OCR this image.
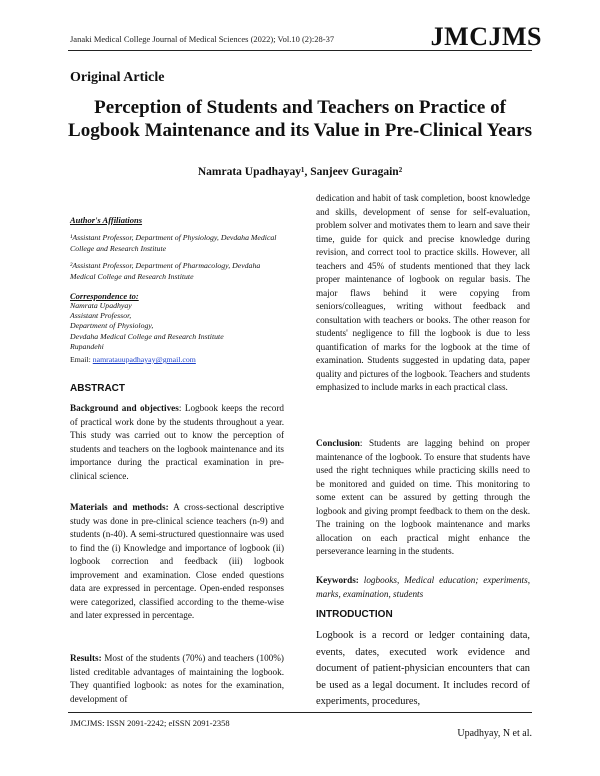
Janaki Medical College Journal of Medical Sciences (2022); Vol.10 (2):28-37	JMCJMS
Original Article
Perception of Students and Teachers on Practice of Logbook Maintenance and its Value in Pre-Clinical Years
Namrata Upadhayay¹, Sanjeev Guragain²
Author's Affiliations
¹Assistant Professor, Department of Physiology, Devdaha Medical College and Research Institute
²Assistant Professor, Department of Pharmacology, Devdaha Medical College and Research Institute
Correspondence to:
Namrata Upadhyay
Assistant Professor,
Department of Physiology,
Devdaha Medical College and Research Institute
Rupandehi
Email: namratauupadhayay@gmail.com
ABSTRACT
Background and objectives: Logbook keeps the record of practical work done by the students throughout a year. This study was carried out to know the perception of students and teachers on the logbook maintenance and its importance during the practical examination in pre-clinical science.
Materials and methods: A cross-sectional descriptive study was done in pre-clinical science teachers (n-9) and students (n-40). A semi-structured questionnaire was used to find the (i) Knowledge and importance of logbook (ii) logbook correction and feedback (iii) logbook improvement and examination. Close ended questions data are expressed in percentage. Open-ended responses were categorized, classified according to the theme-wise and later expressed in percentage.
Results: Most of the students (70%) and teachers (100%) listed creditable advantages of maintaining the logbook. They quantified logbook: as notes for the examination, development of
dedication and habit of task completion, boost knowledge and skills, development of sense for self-evaluation, problem solver and motivates them to learn and save their time, guide for quick and precise knowledge during revision, and correct tool to practice skills. However, all teachers and 45% of students mentioned that they lack proper maintenance of logbook on regular basis. The major flaws behind it were copying from seniors/colleagues, writing without feedback and consultation with teachers or books. The other reason for students' negligence to fill the logbook is due to less quantification of marks for the logbook at the time of examination. Students suggested in updating data, paper quality and pictures of the logbook. Teachers and students emphasized to include marks in each practical class.
Conclusion: Students are lagging behind on proper maintenance of the logbook. To ensure that students have used the right techniques while practicing skills need to be monitored and guided on time. This monitoring to some extent can be assured by getting through the logbook and giving prompt feedback to them on the desk. The training on the logbook maintenance and marks allocation on each practical might enhance the perseverance learning in the students.
Keywords: logbooks, Medical education; experiments, marks, examination, students
INTRODUCTION
Logbook is a record or ledger containing data, events, dates, executed work evidence and document of patient-physician encounters that can be used as a legal document. It includes record of experiments, procedures,
JMCJMS: ISSN 2091-2242; eISSN 2091-2358
Upadhyay, N et al.
